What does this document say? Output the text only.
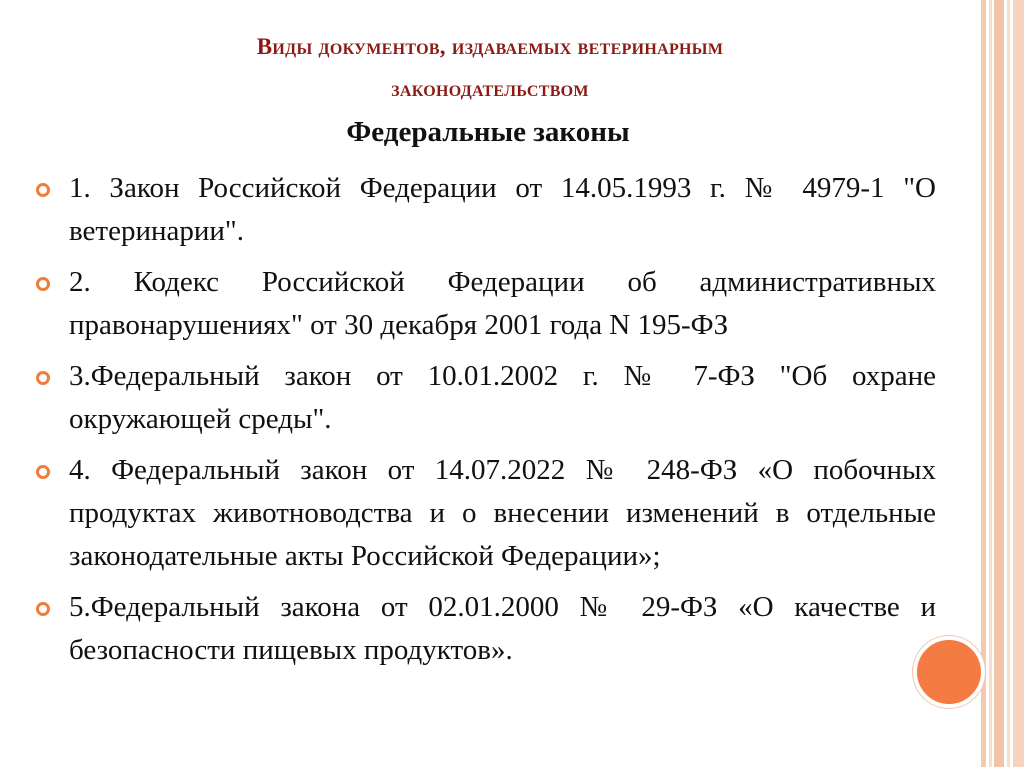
Виды документов, издаваемых ветеринарным
законодательством
Федеральные законы
1. Закон Российской Федерации от 14.05.1993 г. № 4979-1 "О ветеринарии".
2. Кодекс Российской Федерации об административных правонарушениях" от 30 декабря 2001 года N 195-ФЗ
3.Федеральный закон от 10.01.2002 г. № 7-ФЗ "Об охране окружающей среды".
4. Федеральный закон от 14.07.2022 № 248-ФЗ «О побочных продуктах животноводства и о внесении изменений в отдельные законодательные акты Российской Федерации»;
5.Федеральный закона от 02.01.2000 № 29-ФЗ «О качестве и безопасности пищевых продуктов».
